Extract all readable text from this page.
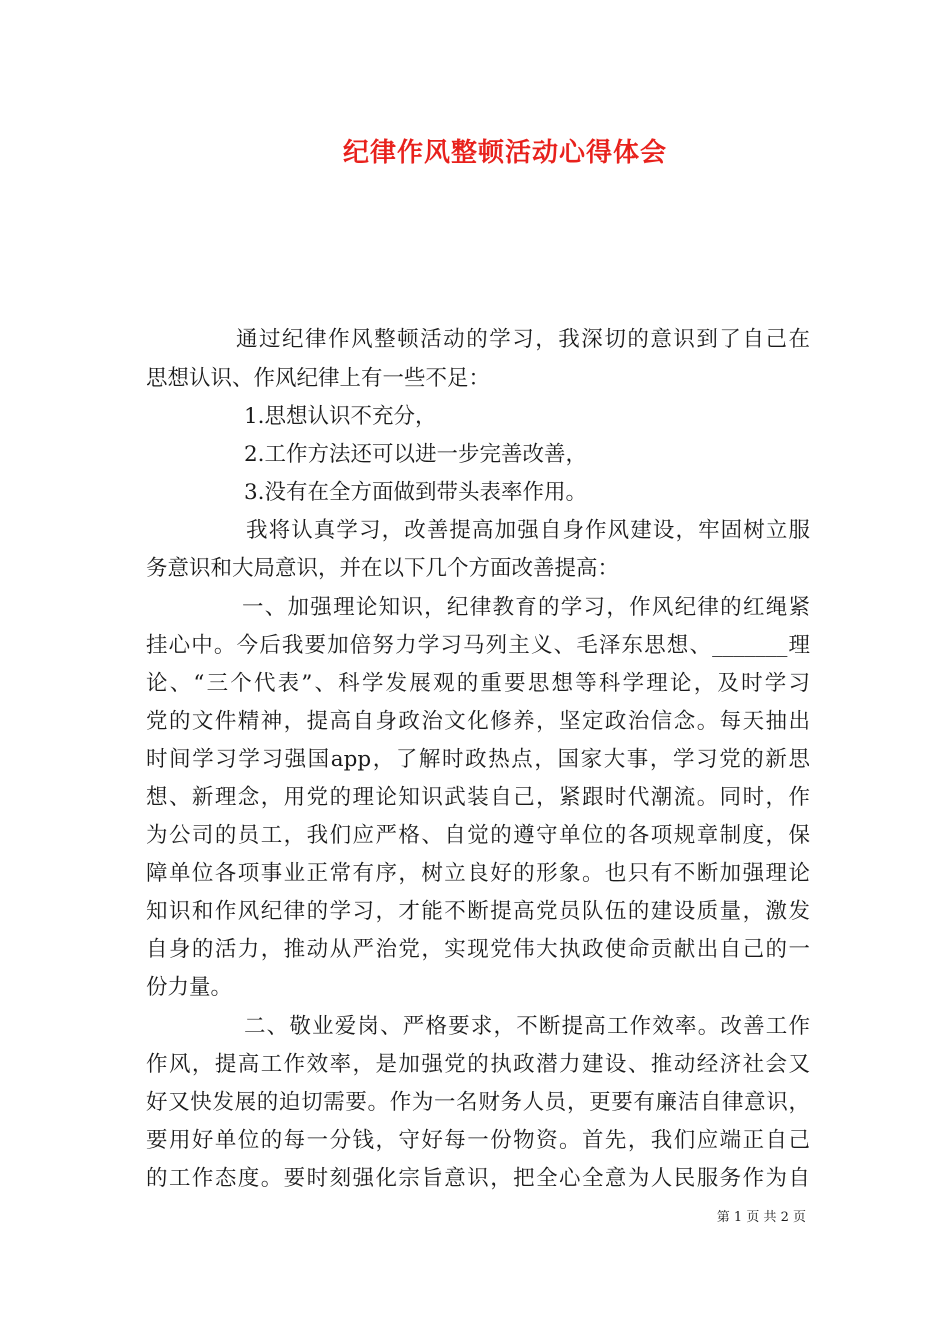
纪律作风整顿活动心得体会
通过纪律作风整顿活动的学习，我深切的意识到了自己在
思想认识、作风纪律上有一些不足：
1.思想认识不充分，
2.工作方法还可以进一步完善改善，
3.没有在全方面做到带头表率作用。
我将认真学习，改善提高加强自身作风建设，牢固树立服
务意识和大局意识，并在以下几个方面改善提高：
一、加强理论知识，纪律教育的学习，作风纪律的红绳紧
挂心中。今后我要加倍努力学习马列主义、毛泽东思想、_______理
论、“三个代表”、科学发展观的重要思想等科学理论，及时学习
党的文件精神，提高自身政治文化修养，坚定政治信念。每天抽出
时间学习学习强国app，了解时政热点，国家大事，学习党的新思
想、新理念，用党的理论知识武装自己，紧跟时代潮流。同时，作
为公司的员工，我们应严格、自觉的遵守单位的各项规章制度，保
障单位各项事业正常有序，树立良好的形象。也只有不断加强理论
知识和作风纪律的学习，才能不断提高党员队伍的建设质量，激发
自身的活力，推动从严治党，实现党伟大执政使命贡献出自己的一
份力量。
二、敬业爱岗、严格要求，不断提高工作效率。改善工作
作风，提高工作效率，是加强党的执政潜力建设、推动经济社会又
好又快发展的迫切需要。作为一名财务人员，更要有廉洁自律意识，
要用好单位的每一分钱，守好每一份物资。首先，我们应端正自己
的工作态度。要时刻强化宗旨意识，把全心全意为人民服务作为自
第 1 页 共 2 页
